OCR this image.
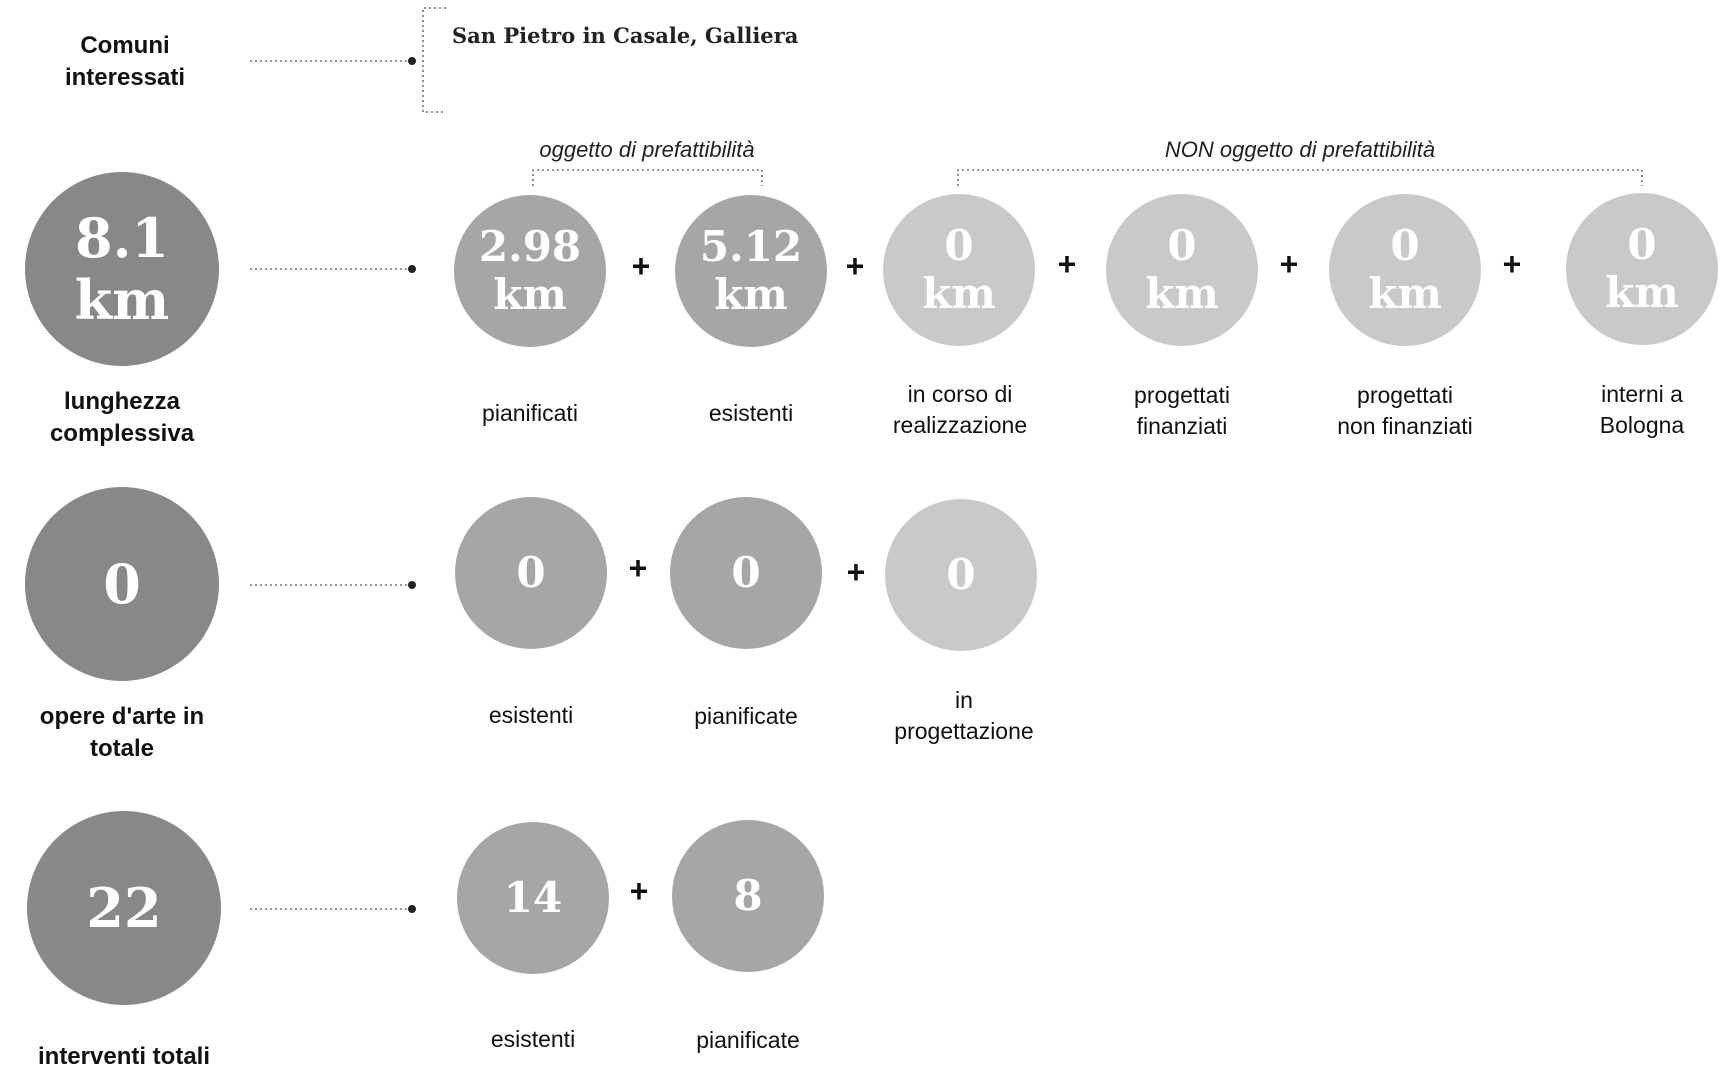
Comuni
interessati
San Pietro in Casale, Galliera
oggetto di prefattibilità	NON oggetto di prefattibilità
8.1
km
lunghezza
complessiva
2.98
km
pianificati
+ 5.12
km
esistenti
+	0
km
in corso di
realizzazione
+	0
km
progettati
finanziati
+	0
km
progettati
non finanziati
+	0
km
interni a
Bologna
0
opere d'arte in
totale
0
esistenti
+ 0
pianificate
+ 0
in
progettazione
22
interventi totali
14
esistenti
+ 8
pianificate
